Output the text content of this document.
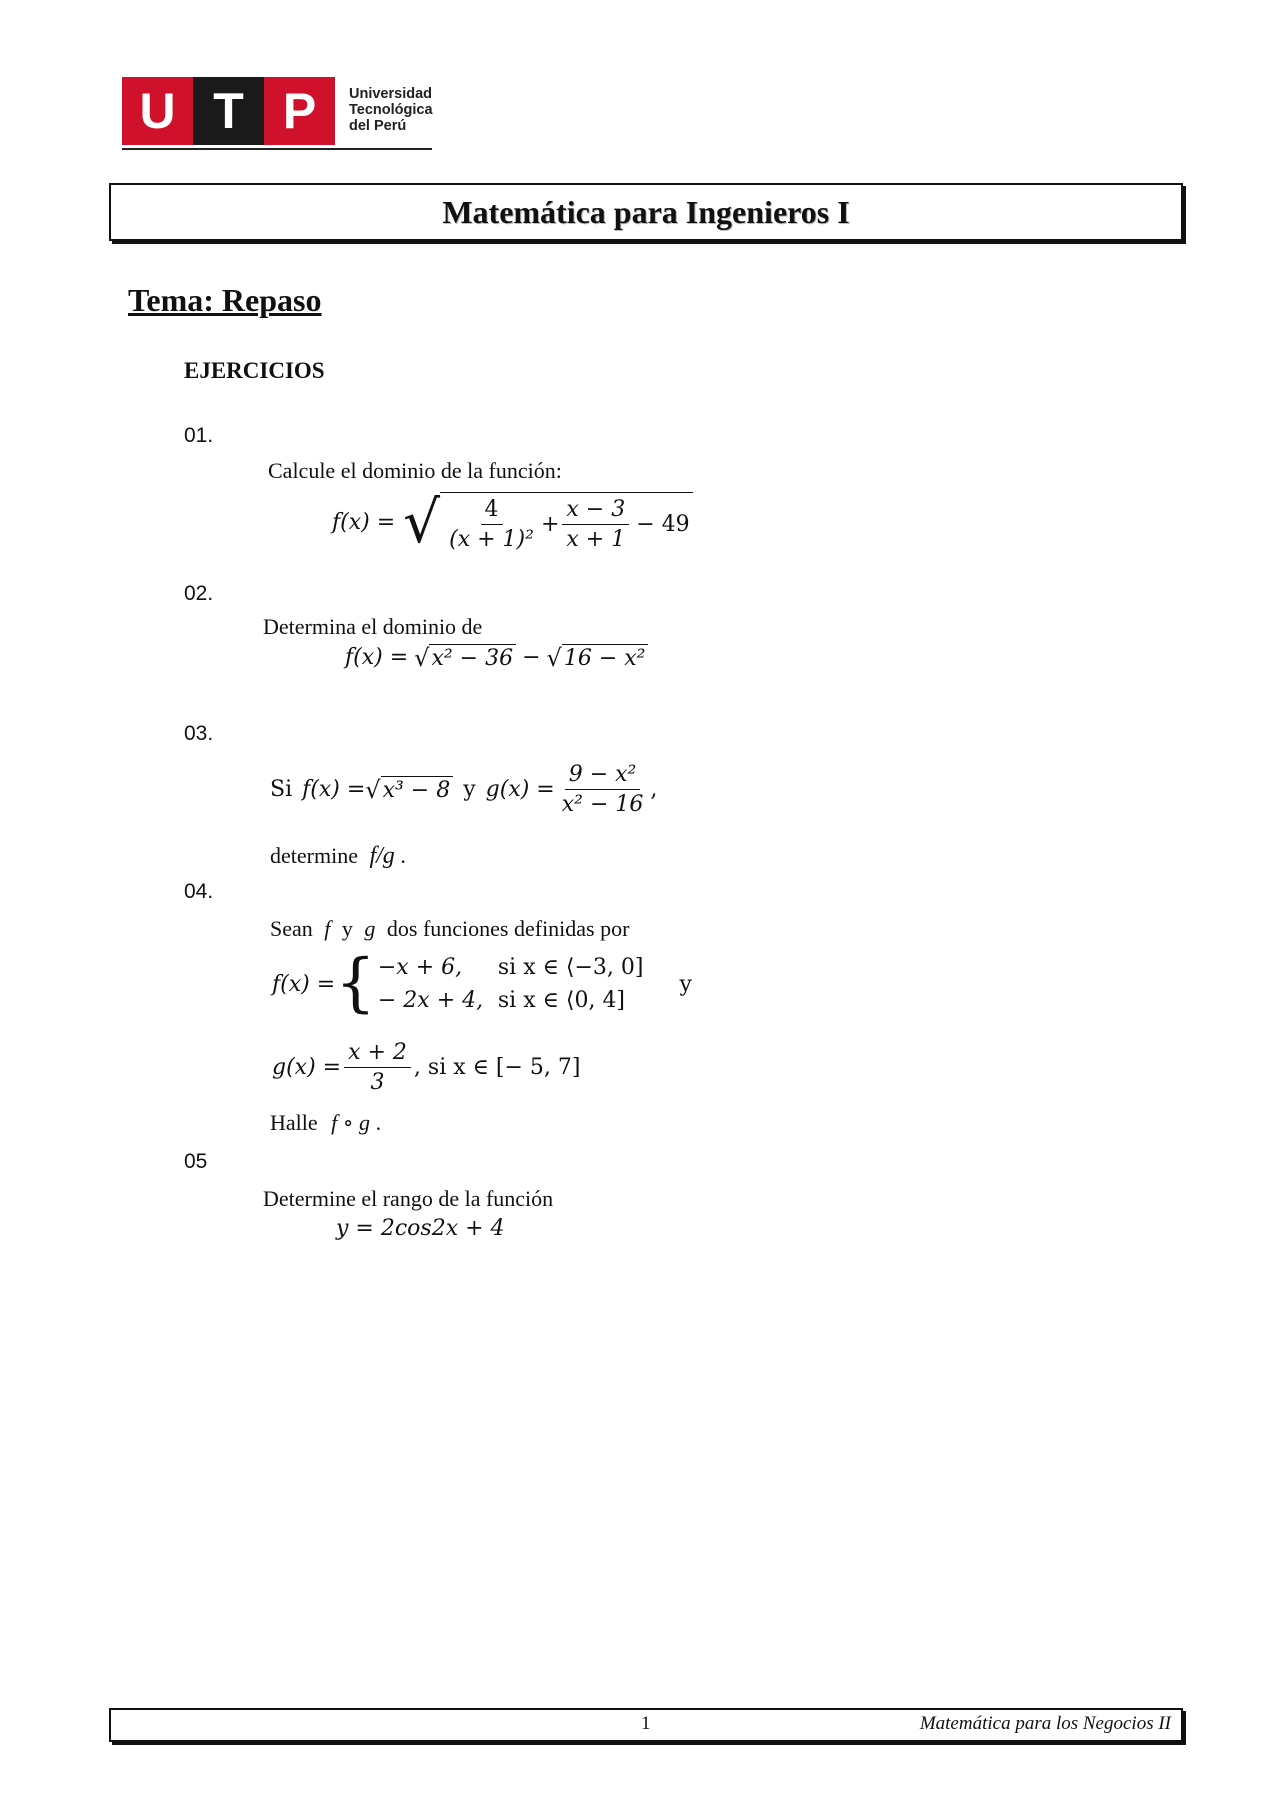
U T P	Universidad
Tecnológica
del Perú
Matemática para Ingenieros I
Tema: Repaso
EJERCICIOS
01.
Calcule el dominio de la función:
f(x) = √ $\frac{4}{\text{(x + 1)²}} + \frac{x - 3}{x + 1} - 49$
02.
Determina el dominio de
f(x) = √ x² − 36 − √ 16 − x²
03.
Si f(x) = √ x³ − 8 y $g(x) = \frac{\text{9 − x²}}{\text{x² − 16}}$ ,
determine f/g .
04.
Sean f y g dos funciones definidas por
f(x) = { −x + 6,	si x ∈ ⟨−3, 0]
− 2x + 4, si x ∈ ⟨0, 4]
y
$g(x) = \frac{x + 2}{3}$ , si x ∈ [− 5, 7]
Halle f ∘ g .
05
Determine el rango de la función
y = 2cos2x + 4
1	Matemática para los Negocios II
